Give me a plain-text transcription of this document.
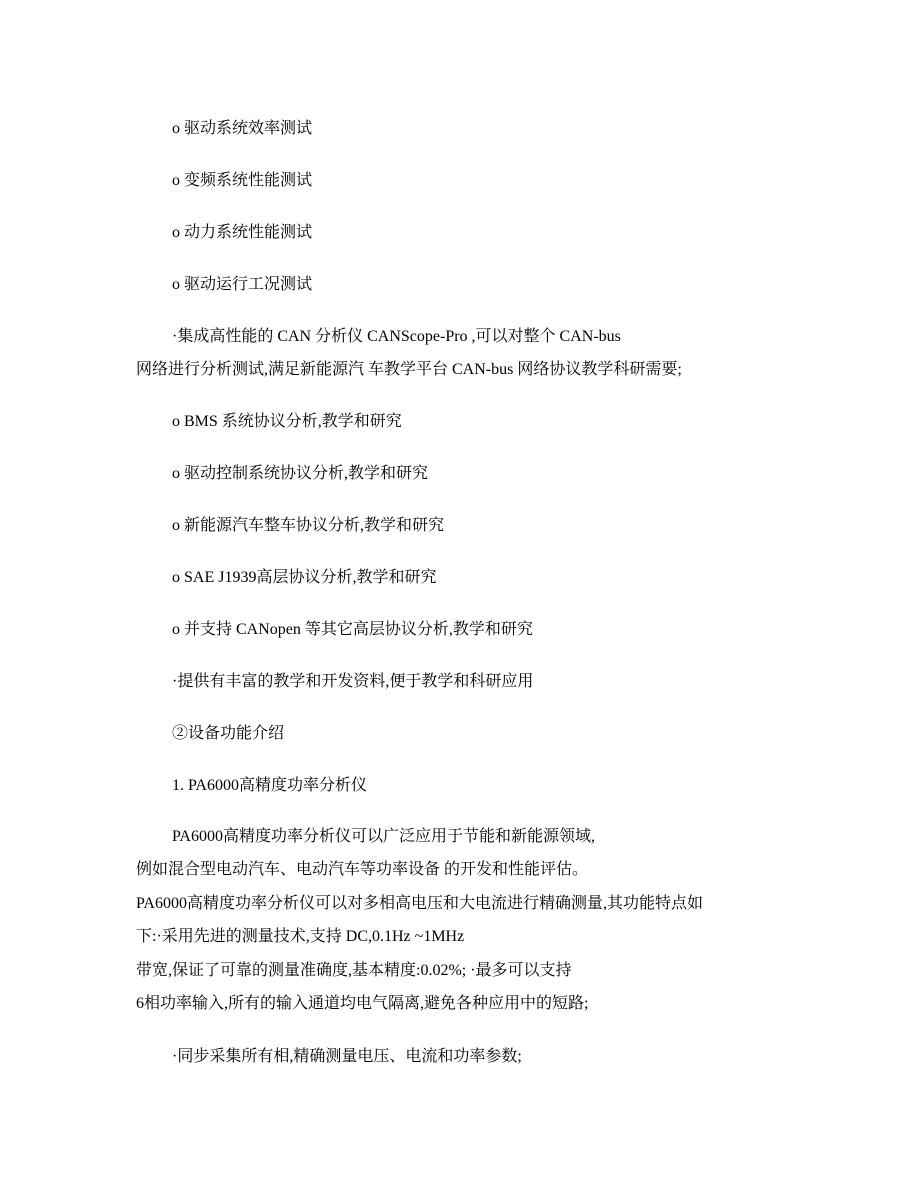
o 驱动系统效率测试

o 变频系统性能测试

o 动力系统性能测试

o 驱动运行工况测试

·集成高性能的 CAN 分析仪 CANScope-Pro ,可以对整个 CAN-bus

网络进行分析测试,满足新能源汽 车教学平台 CAN-bus 网络协议教学科研需要;

o BMS 系统协议分析,教学和研究

o 驱动控制系统协议分析,教学和研究

o 新能源汽车整车协议分析,教学和研究

o SAE J1939高层协议分析,教学和研究

o 并支持 CANopen 等其它高层协议分析,教学和研究

·提供有丰富的教学和开发资料,便于教学和科研应用

②设备功能介绍

1. PA6000高精度功率分析仪

PA6000高精度功率分析仪可以广泛应用于节能和新能源领域,

例如混合型电动汽车、电动汽车等功率设备 的开发和性能评估。

PA6000高精度功率分析仪可以对多相高电压和大电流进行精确测量,其功能特点如

下:·采用先进的测量技术,支持 DC,0.1Hz ~1MHz

带宽,保证了可靠的测量准确度,基本精度:0.02%; ·最多可以支持

6相功率输入,所有的输入通道均电气隔离,避免各种应用中的短路;

·同步采集所有相,精确测量电压、电流和功率参数;
